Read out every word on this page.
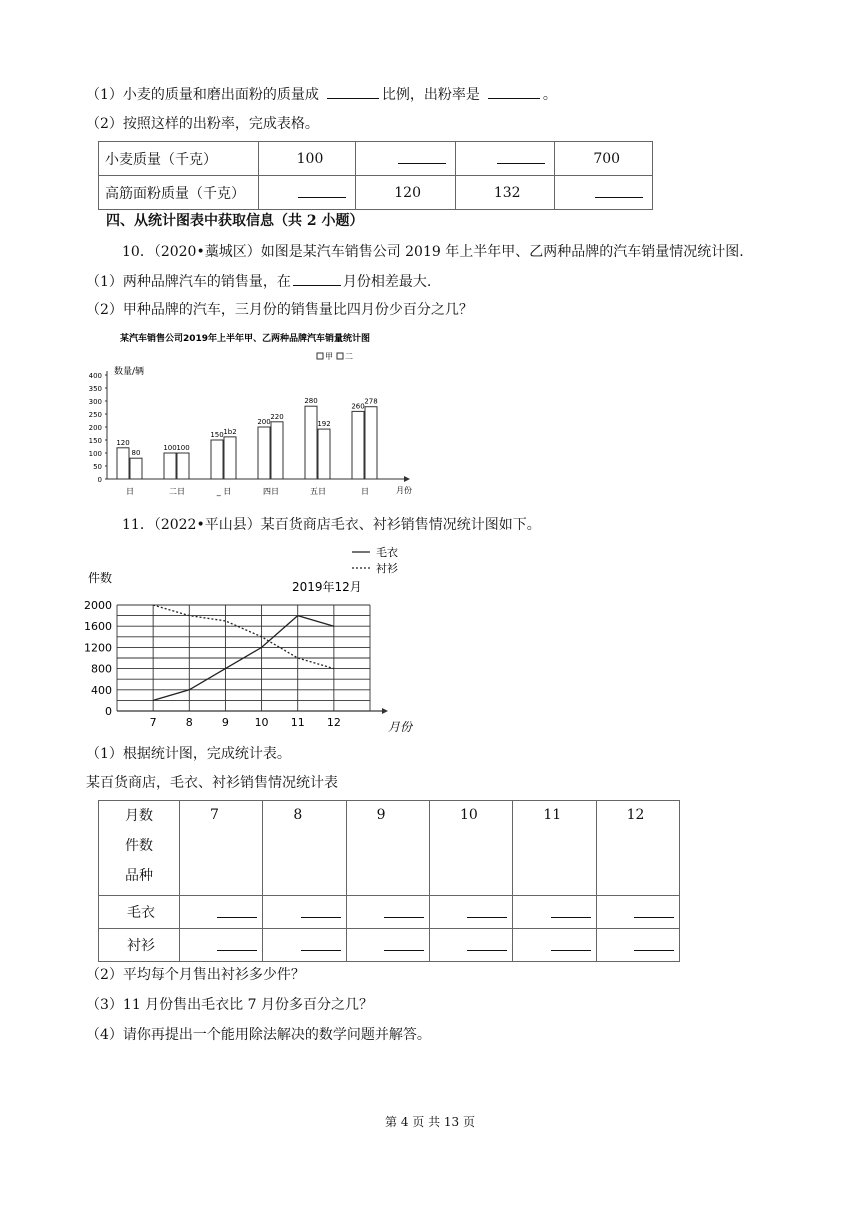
（1）小麦的质量和磨出面粉的质量成	比例，出粉率是	。
（2）按照这样的出粉率，完成表格。
小麦质量（千克）	100			700
高筋面粉质量（千克）		120	132	
四、从统计图表中获取信息（共 2 小题）
10．（2020•藁城区）如图是某汽车销售公司 2019 年上半年甲、乙两种品牌的汽车销量情况统计图.
（1）两种品牌汽车的销售量，在	月份相差最大.
（2）甲种品牌的汽车，三月份的销售量比四月份少百分之几？
某汽车销售公司2019年上半年甲、乙两种品牌汽车销量统计图
数量/辆
月份
甲 二
0
50
100
150
200
250
300
350
400
日	二日	_ 日	四日	五日	日
120
80
100 100
150 1b2
200
220
280
192
260
278
11．（2022•平山县）某百货商店毛衣、衬衫销售情况统计图如下。
毛衣
衬衫
件数
2019年12月
月份
0
400
800
1200
1600
2000
7	8	9 10 11 12
（1）根据统计图，完成统计表。
某百货商店，毛衣、衬衫销售情况统计表
月数
件数
品种	7	8	9	10	11	12
毛衣						
衬衫						
（2）平均每个月售出衬衫多少件？
（3）11 月份售出毛衣比 7 月份多百分之几？
（4）请你再提出一个能用除法解决的数学问题并解答。
第 4 页 共 13 页
